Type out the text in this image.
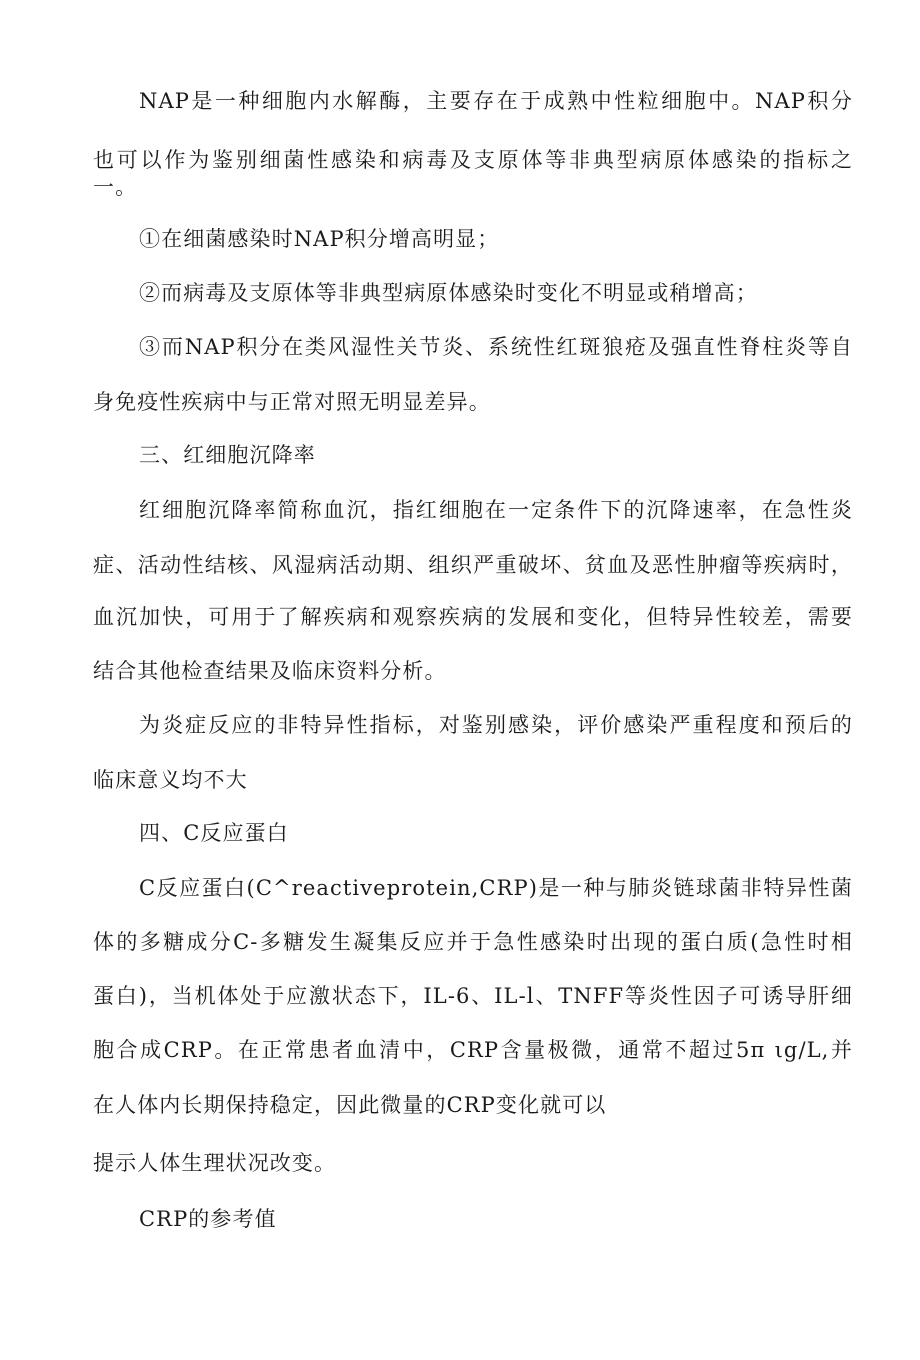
NAP是一种细胞内水解酶，主要存在于成熟中性粒细胞中。NAP积分
也可以作为鉴别细菌性感染和病毒及支原体等非典型病原体感染的指标之
一。
①在细菌感染时NAP积分增高明显；
②而病毒及支原体等非典型病原体感染时变化不明显或稍增高；
③而NAP积分在类风湿性关节炎、系统性红斑狼疮及强直性脊柱炎等自
身免疫性疾病中与正常对照无明显差异。
三、红细胞沉降率
红细胞沉降率简称血沉，指红细胞在一定条件下的沉降速率，在急性炎
症、活动性结核、风湿病活动期、组织严重破坏、贫血及恶性肿瘤等疾病时，
血沉加快，可用于了解疾病和观察疾病的发展和变化，但特异性较差，需要
结合其他检查结果及临床资料分析。
为炎症反应的非特异性指标，对鉴别感染，评价感染严重程度和预后的
临床意义均不大
四、C反应蛋白
C反应蛋白(C^reactiveprotein,CRP)是一种与肺炎链球菌非特异性菌
体的多糖成分C-多糖发生凝集反应并于急性感染时出现的蛋白质(急性时相
蛋白)，当机体处于应激状态下，IL-6、IL-l、TNFF等炎性因子可诱导肝细
胞合成CRP。在正常患者血清中，CRP含量极微，通常不超过5π ιg/L,并
在人体内长期保持稳定，因此微量的CRP变化就可以
提示人体生理状况改变。
CRP的参考值
